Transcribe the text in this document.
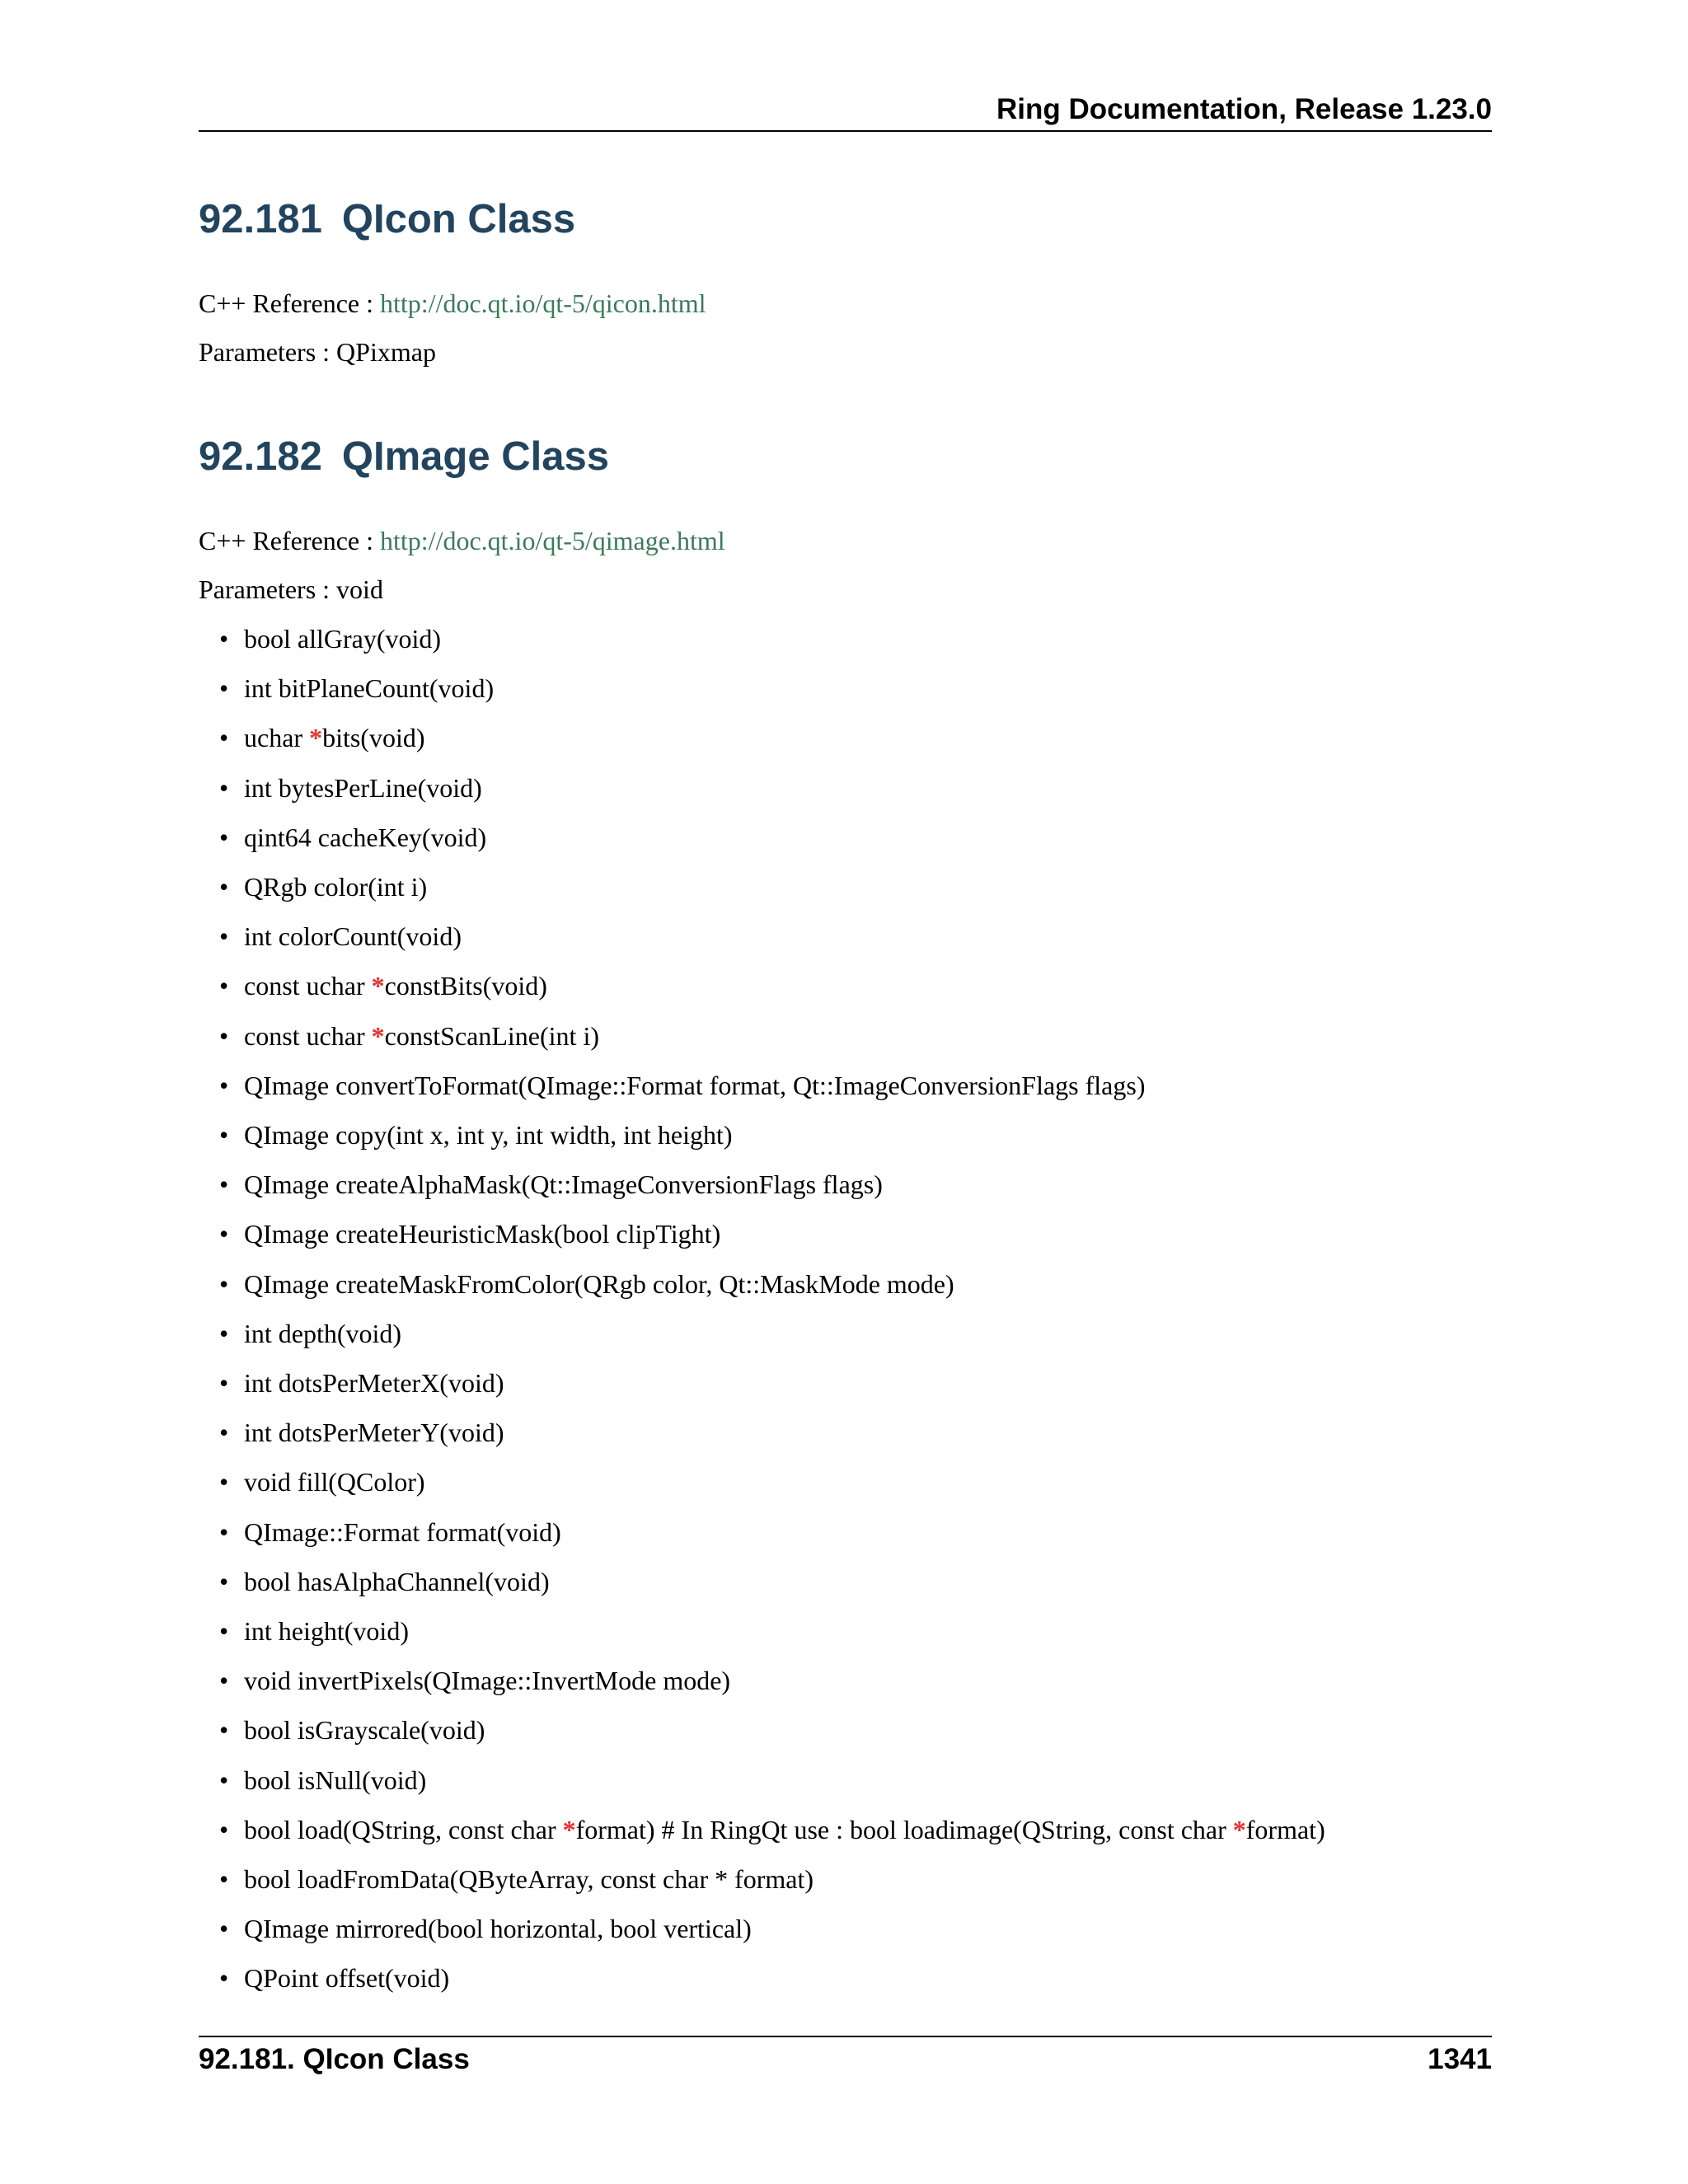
Ring Documentation, Release 1.23.0
92.181 QIcon Class
C++ Reference : http://doc.qt.io/qt-5/qicon.html
Parameters : QPixmap
92.182 QImage Class
C++ Reference : http://doc.qt.io/qt-5/qimage.html
Parameters : void
• bool allGray(void)
• int bitPlaneCount(void)
• uchar *bits(void)
• int bytesPerLine(void)
• qint64 cacheKey(void)
• QRgb color(int i)
• int colorCount(void)
• const uchar *constBits(void)
• const uchar *constScanLine(int i)
• QImage convertToFormat(QImage::Format format, Qt::ImageConversionFlags flags)
• QImage copy(int x, int y, int width, int height)
• QImage createAlphaMask(Qt::ImageConversionFlags flags)
• QImage createHeuristicMask(bool clipTight)
• QImage createMaskFromColor(QRgb color, Qt::MaskMode mode)
• int depth(void)
• int dotsPerMeterX(void)
• int dotsPerMeterY(void)
• void fill(QColor)
• QImage::Format format(void)
• bool hasAlphaChannel(void)
• int height(void)
• void invertPixels(QImage::InvertMode mode)
• bool isGrayscale(void)
• bool isNull(void)
• bool load(QString, const char *format) # In RingQt use : bool loadimage(QString, const char *format)
• bool loadFromData(QByteArray, const char * format)
• QImage mirrored(bool horizontal, bool vertical)
• QPoint offset(void)
92.181. QIcon Class	1341
